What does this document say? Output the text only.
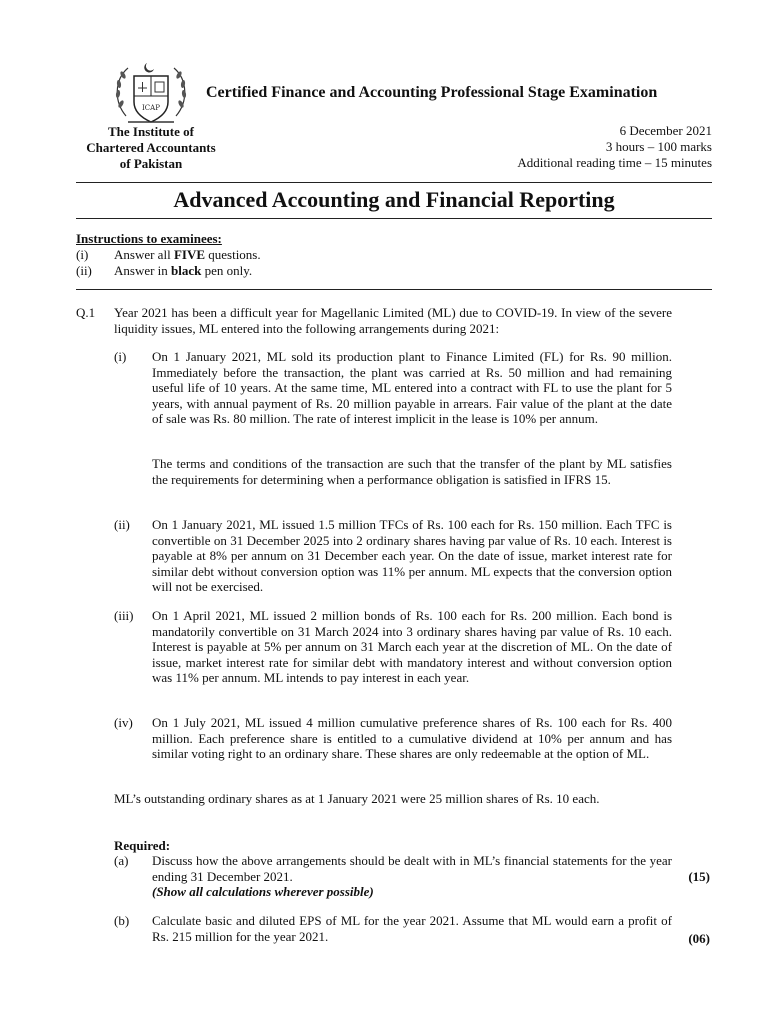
ICAP
Certified Finance and Accounting Professional Stage Examination
The Institute of
Chartered Accountants
of Pakistan
6 December 2021
3 hours – 100 marks
Additional reading time – 15 minutes
Advanced Accounting and Financial Reporting
Instructions to examinees:
(i) Answer all FIVE questions.
(ii) Answer in black pen only.
Q.1 Year 2021 has been a difficult year for Magellanic Limited (ML) due to COVID-19. In view of the severe liquidity issues, ML entered into the following arrangements during 2021:
(i) On 1 January 2021, ML sold its production plant to Finance Limited (FL) for Rs. 90 million. Immediately before the transaction, the plant was carried at Rs. 50 million and had remaining useful life of 10 years. At the same time, ML entered into a contract with FL to use the plant for 5 years, with annual payment of Rs. 20 million payable in arrears. Fair value of the plant at the date of sale was Rs. 80 million. The rate of interest implicit in the lease is 10% per annum.
The terms and conditions of the transaction are such that the transfer of the plant by ML satisfies the requirements for determining when a performance obligation is satisfied in IFRS 15.
(ii) On 1 January 2021, ML issued 1.5 million TFCs of Rs. 100 each for Rs. 150 million. Each TFC is convertible on 31 December 2025 into 2 ordinary shares having par value of Rs. 10 each. Interest is payable at 8% per annum on 31 December each year. On the date of issue, market interest rate for similar debt without conversion option was 11% per annum. ML expects that the conversion option will not be exercised.
(iii) On 1 April 2021, ML issued 2 million bonds of Rs. 100 each for Rs. 200 million. Each bond is mandatorily convertible on 31 March 2024 into 3 ordinary shares having par value of Rs. 10 each. Interest is payable at 5% per annum on 31 March each year at the discretion of ML. On the date of issue, market interest rate for similar debt with mandatory interest and without conversion option was 11% per annum. ML intends to pay interest in each year.
(iv) On 1 July 2021, ML issued 4 million cumulative preference shares of Rs. 100 each for Rs. 400 million. Each preference share is entitled to a cumulative dividend at 10% per annum and has similar voting right to an ordinary share. These shares are only redeemable at the option of ML.
ML’s outstanding ordinary shares as at 1 January 2021 were 25 million shares of Rs. 10 each.
Required:
(a) Discuss how the above arrangements should be dealt with in ML’s financial statements for the year ending 31 December 2021.
(Show all calculations wherever possible)
(15)
(b) Calculate basic and diluted EPS of ML for the year 2021. Assume that ML would earn a profit of Rs. 215 million for the year 2021.	(06)
